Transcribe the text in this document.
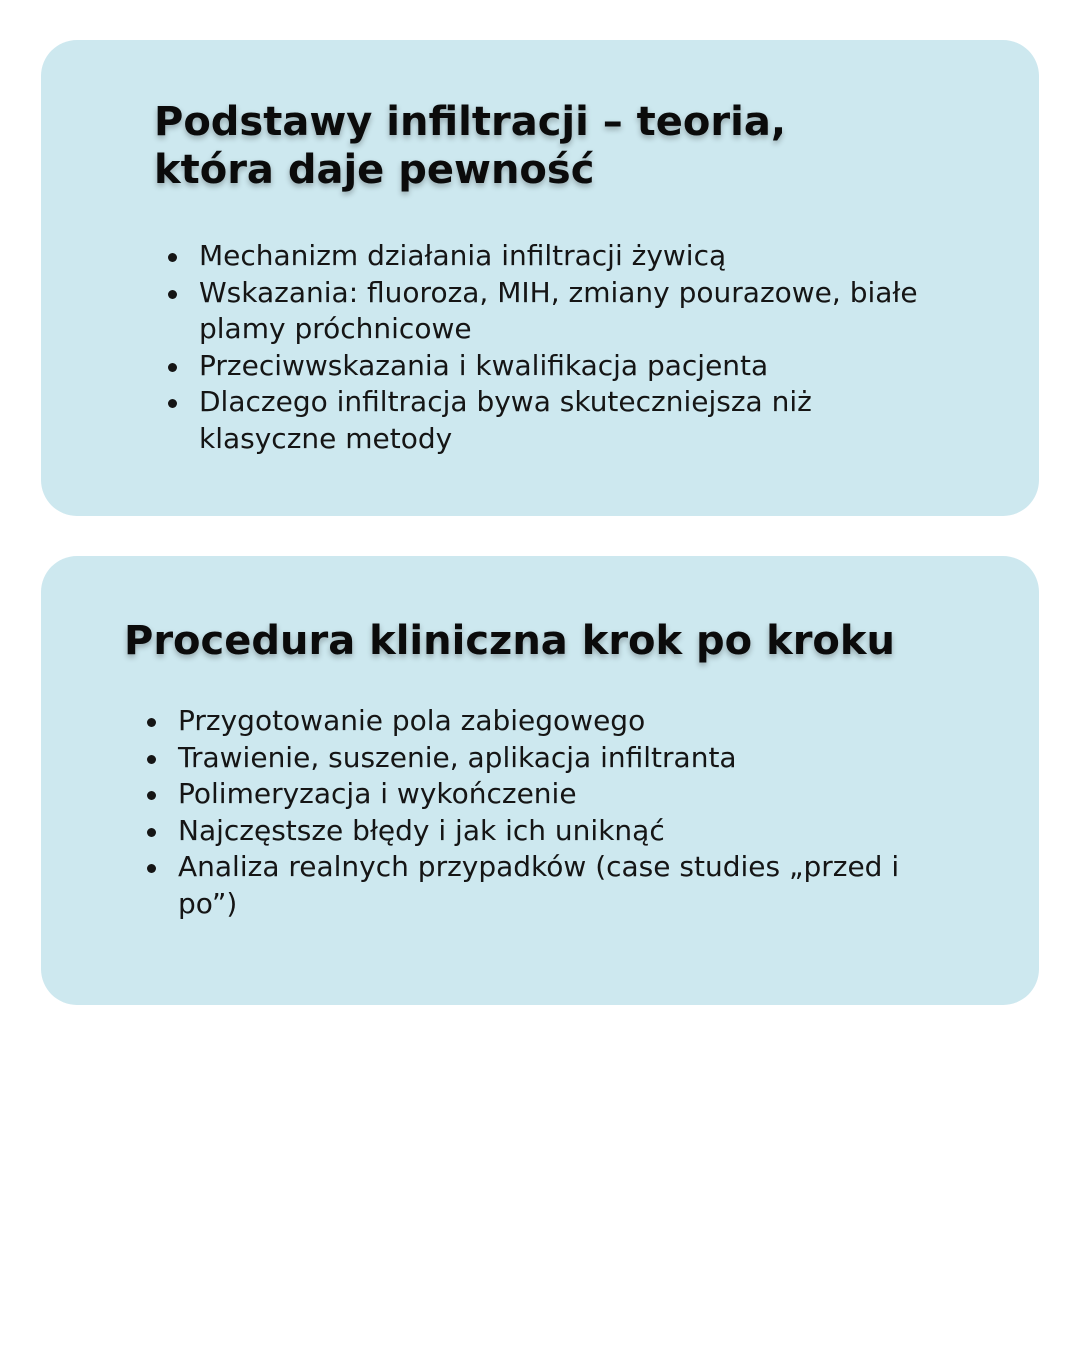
Podstawy infiltracji – teoria, która daje pewność
Mechanizm działania infiltracji żywicą
Wskazania: fluoroza, MIH, zmiany pourazowe, białe plamy próchnicowe
Przeciwwskazania i kwalifikacja pacjenta
Dlaczego infiltracja bywa skuteczniejsza niż klasyczne metody
Procedura kliniczna krok po kroku
Przygotowanie pola zabiegowego
Trawienie, suszenie, aplikacja infiltranta
Polimeryzacja i wykończenie
Najczęstsze błędy i jak ich uniknąć
Analiza realnych przypadków (case studies „przed i po”)
